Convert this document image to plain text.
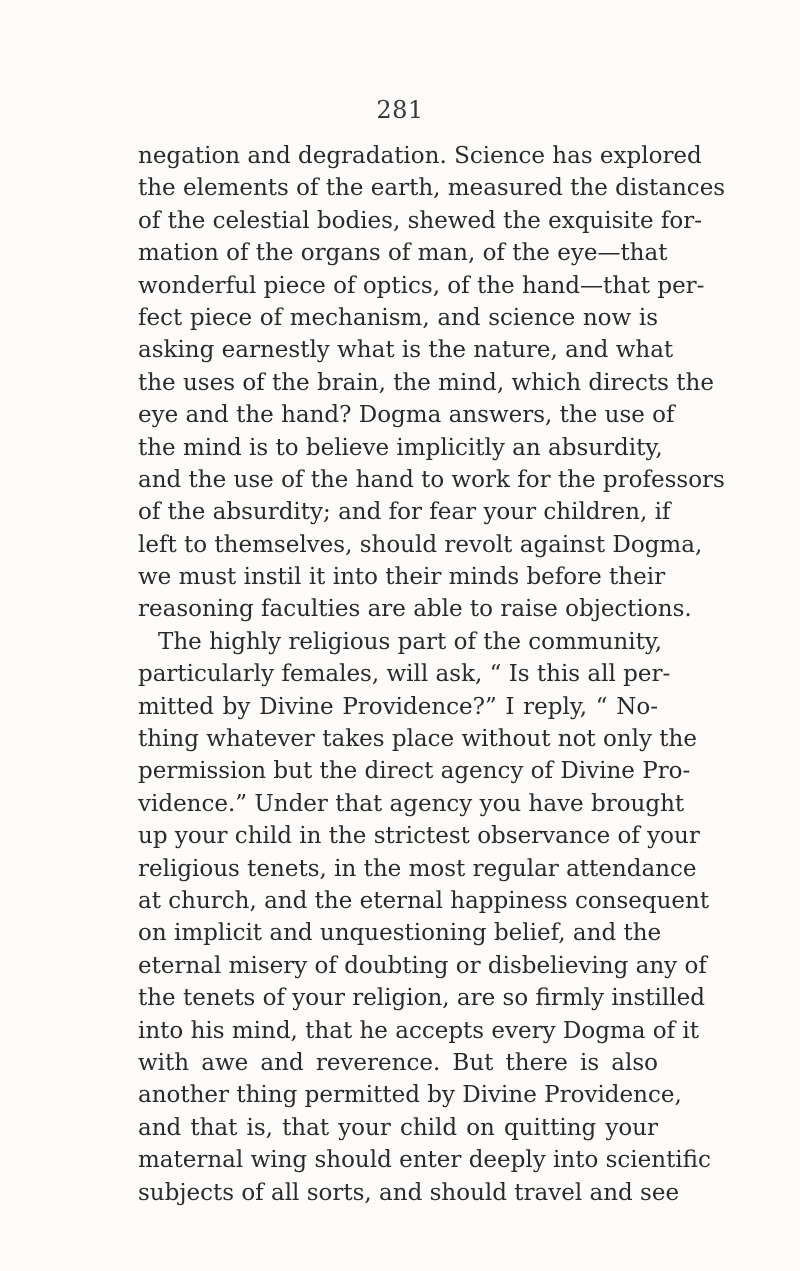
281
negation and degradation. Science has explored
the elements of the earth, measured the distances
of the celestial bodies, shewed the exquisite for-
mation of the organs of man, of the eye—that
wonderful piece of optics, of the hand—that per-
fect piece of mechanism, and science now is
asking earnestly what is the nature, and what
the uses of the brain, the mind, which directs the
eye and the hand? Dogma answers, the use of
the mind is to believe implicitly an absurdity,
and the use of the hand to work for the professors
of the absurdity; and for fear your children, if
left to themselves, should revolt against Dogma,
we must instil it into their minds before their
reasoning faculties are able to raise objections.
The highly religious part of the community,
particularly females, will ask, “ Is this all per-
mitted by Divine Providence?” I reply, “ No-
thing whatever takes place without not only the
permission but the direct agency of Divine Pro-
vidence.” Under that agency you have brought
up your child in the strictest observance of your
religious tenets, in the most regular attendance
at church, and the eternal happiness consequent
on implicit and unquestioning belief, and the
eternal misery of doubting or disbelieving any of
the tenets of your religion, are so firmly instilled
into his mind, that he accepts every Dogma of it
with awe and reverence. But there is also
another thing permitted by Divine Providence,
and that is, that your child on quitting your
maternal wing should enter deeply into scientific
subjects of all sorts, and should travel and see
